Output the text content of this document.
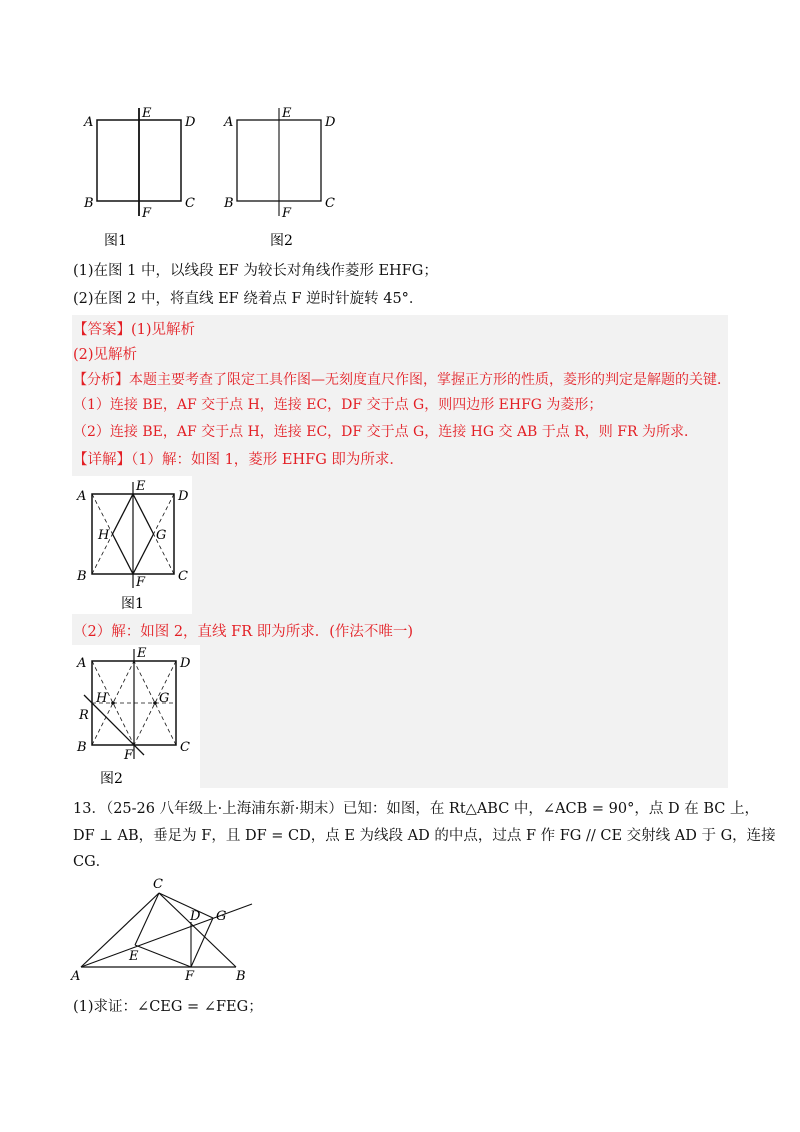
A
E
D
B
F
C
图1
A
E
D
B
F
C
图2
(1)在图 1 中，以线段 EF 为较长对角线作菱形 EHFG；
(2)在图 2 中，将直线 EF 绕着点 F 逆时针旋转 45°．
【答案】(1)见解析
(2)见解析
【分析】本题主要考查了限定工具作图—无刻度直尺作图，掌握正方形的性质，菱形的判定是解题的关键．
（1）连接 BE，AF 交于点 H，连接 EC，DF 交于点 G，则四边形 EHFG 为菱形；
（2）连接 BE，AF 交于点 H，连接 EC，DF 交于点 G，连接 HG 交 AB 于点 R，则 FR 为所求．
【详解】（1）解：如图 1，菱形 EHFG 即为所求．
A
E
D
H	G
B	F	C
图1
（2）解：如图 2，直线 FR 即为所求．(作法不唯一)
A
E
D
H	G
R
B
F
C
图2
13．（25-26 八年级上·上海浦东新·期末）已知：如图，在 Rt△ABC 中，∠ACB = 90°，点 D 在 BC 上，
DF ⊥ AB，垂足为 F，且 DF = CD，点 E 为线段 AD 的中点，过点 F 作 FG // CE 交射线 AD 于 G，连接
CG．
A
C
D G
E
F	B
(1)求证：∠CEG = ∠FEG；
